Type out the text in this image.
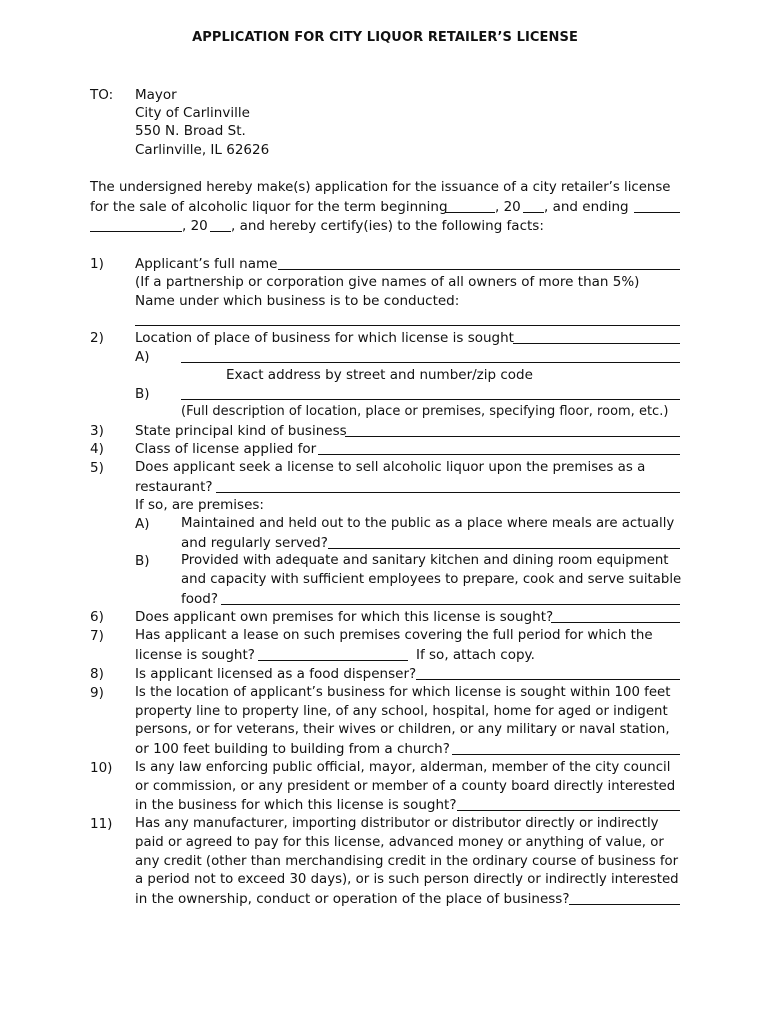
APPLICATION FOR CITY LIQUOR RETAILER’S LICENSE
TO: Mayor
City of Carlinville
550 N. Broad St.
Carlinville, IL 62626
The undersigned hereby make(s) application for the issuance of a city retailer’s license
for the sale of alcoholic liquor for the term beginning	, 20 , and ending
, 20 , and hereby certify(ies) to the following facts:
1) Applicant’s full name
(If a partnership or corporation give names of all owners of more than 5%)
Name under which business is to be conducted:
2) Location of place of business for which license is sought
A)
Exact address by street and number/zip code
B)
(Full description of location, place or premises, specifying floor, room, etc.)
3) State principal kind of business
4) Class of license applied for
5) Does applicant seek a license to sell alcoholic liquor upon the premises as a
restaurant?
If so, are premises:
A) Maintained and held out to the public as a place where meals are actually
and regularly served?
B) Provided with adequate and sanitary kitchen and dining room equipment
and capacity with sufficient employees to prepare, cook and serve suitable
food?
6) Does applicant own premises for which this license is sought?
7) Has applicant a lease on such premises covering the full period for which the
license is sought?	If so, attach copy.
8) Is applicant licensed as a food dispenser?
9) Is the location of applicant’s business for which license is sought within 100 feet
property line to property line, of any school, hospital, home for aged or indigent
persons, or for veterans, their wives or children, or any military or naval station,
or 100 feet building to building from a church?
10) Is any law enforcing public official, mayor, alderman, member of the city council
or commission, or any president or member of a county board directly interested
in the business for which this license is sought?
11) Has any manufacturer, importing distributor or distributor directly or indirectly
paid or agreed to pay for this license, advanced money or anything of value, or
any credit (other than merchandising credit in the ordinary course of business for
a period not to exceed 30 days), or is such person directly or indirectly interested
in the ownership, conduct or operation of the place of business?
